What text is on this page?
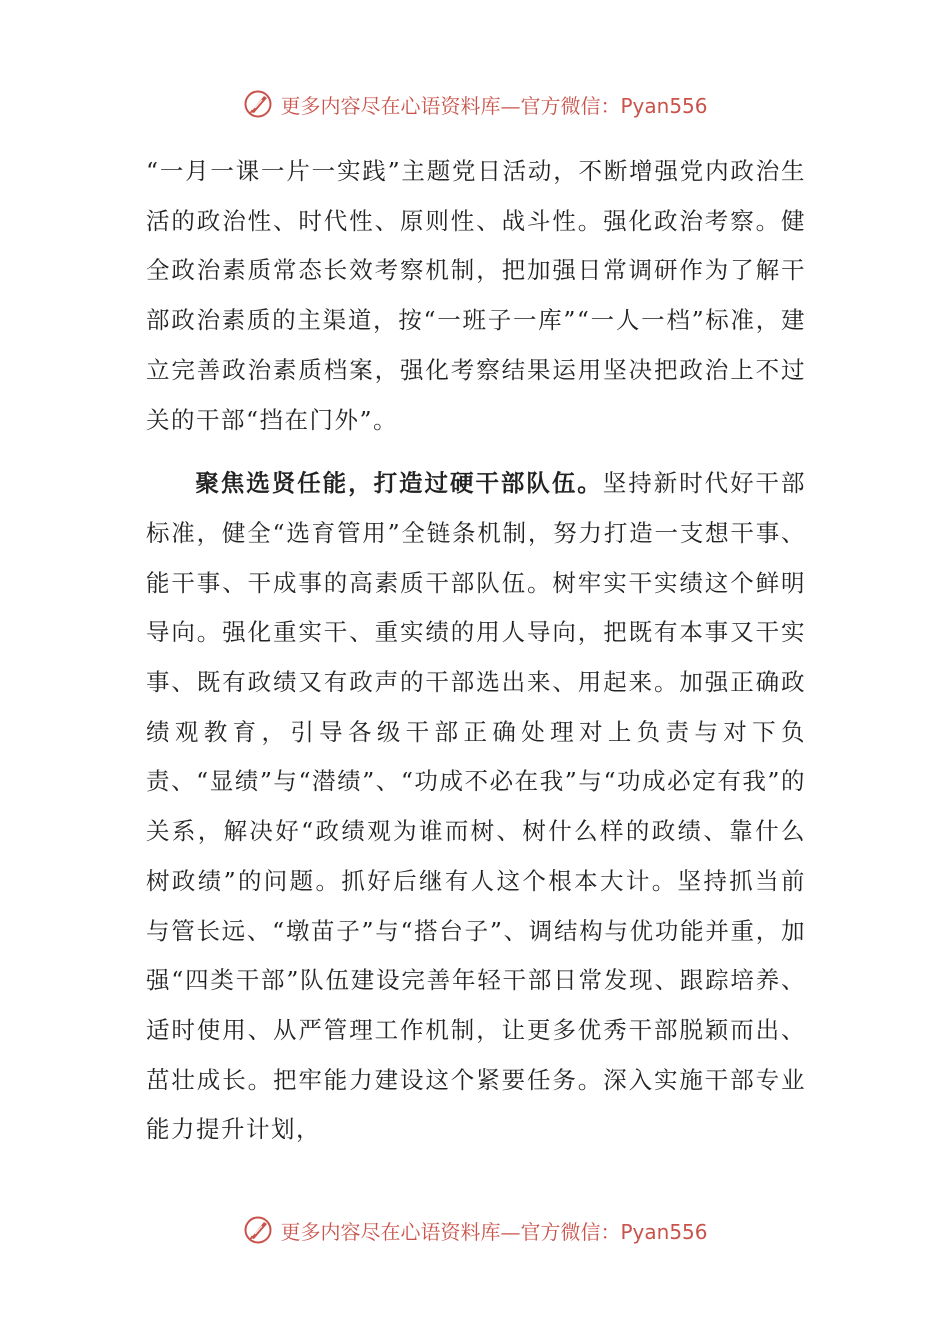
更多内容尽在心语资料库—官方微信：Pyan556

“一月一课一片一实践”主题党日活动，不断增强党内政治生活的政治性、时代性、原则性、战斗性。强化政治考察。健全政治素质常态长效考察机制，把加强日常调研作为了解干部政治素质的主渠道，按“一班子一库”“一人一档”标准，建立完善政治素质档案，强化考察结果运用坚决把政治上不过关的干部“挡在门外”。

聚焦选贤任能，打造过硬干部队伍。坚持新时代好干部标准，健全“选育管用”全链条机制，努力打造一支想干事、能干事、干成事的高素质干部队伍。树牢实干实绩这个鲜明导向。强化重实干、重实绩的用人导向，把既有本事又干实事、既有政绩又有政声的干部选出来、用起来。加强正确政绩观教育，引导各级干部正确处理对上负责与对下负责、“显绩”与“潜绩”、“功成不必在我”与“功成必定有我”的关系，解决好“政绩观为谁而树、树什么样的政绩、靠什么树政绩”的问题。抓好后继有人这个根本大计。坚持抓当前与管长远、“墩苗子”与“搭台子”、调结构与优功能并重，加强“四类干部”队伍建设完善年轻干部日常发现、跟踪培养、适时使用、从严管理工作机制，让更多优秀干部脱颖而出、茁壮成长。把牢能力建设这个紧要任务。深入实施干部专业能力提升计划，

更多内容尽在心语资料库—官方微信：Pyan556
